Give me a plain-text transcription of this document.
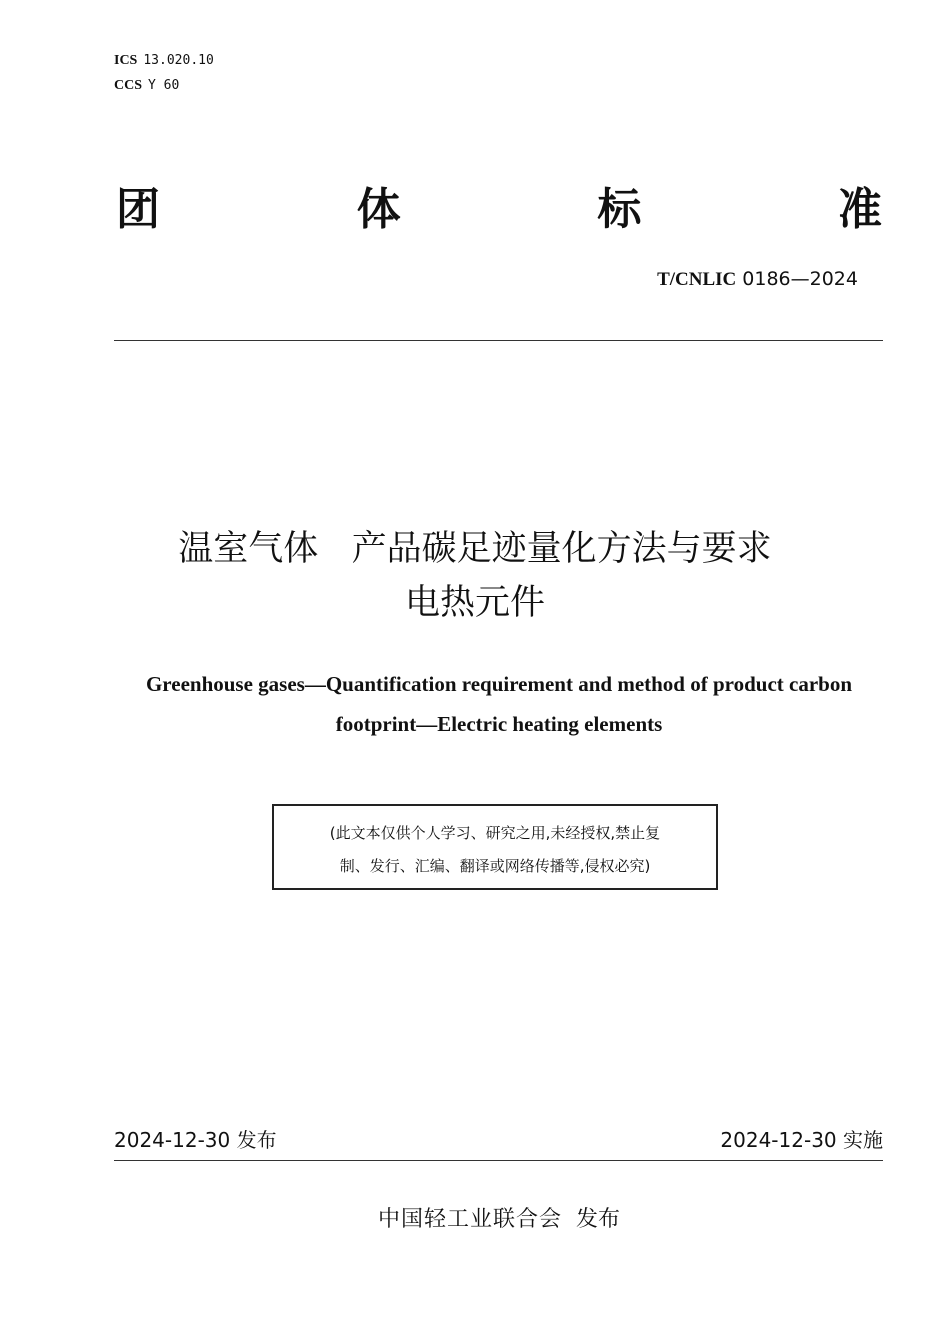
ICS 13.020.10
CCS Y 60
团	体	标	准
T/CNLIC 0186—2024
温室气体   产品碳足迹量化方法与要求
电热元件
Greenhouse gases—Quantification requirement and method of product carbon
footprint—Electric heating elements
(此文本仅供个人学习、研究之用,未经授权,禁止复
制、发行、汇编、翻译或网络传播等,侵权必究)
2024-12-30 发布	2024-12-30 实施
中国轻工业联合会 发布
